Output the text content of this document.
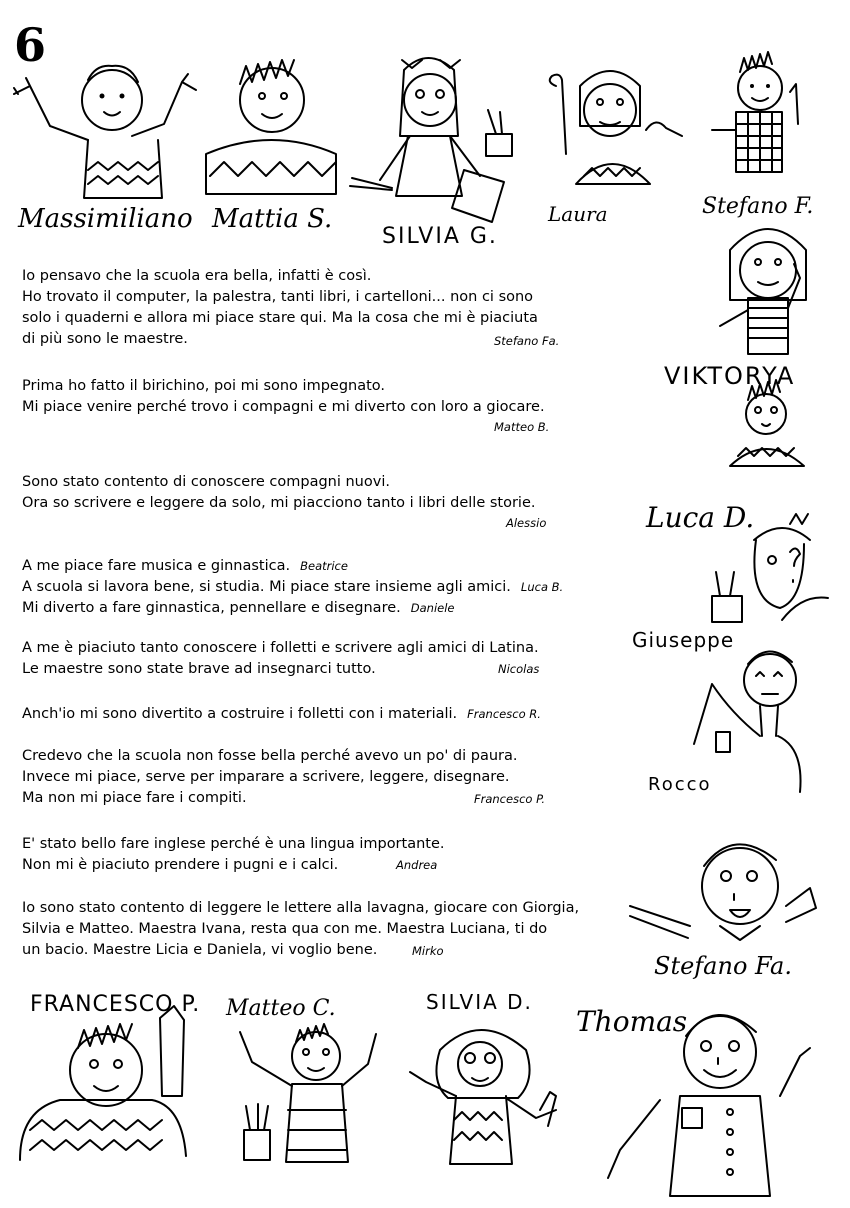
6
Massimiliano Mattia S.
SILVIA G.
Laura	Stefano F.
VIKTORYA
Luca D.
Giuseppe
Rocco
Stefano Fa.
FRANCESCO P. Matteo C.	SILVIA D.
Thomas
Io pensavo che la scuola era bella, infatti è così.
Ho trovato il computer, la palestra, tanti libri, i cartelloni... non ci sono
solo i quaderni e allora mi piace stare qui. Ma la cosa che mi è piaciuta
di più sono le maestre.	Stefano Fa.
Prima ho fatto il birichino, poi mi sono impegnato.
Mi piace venire perché trovo i compagni e mi diverto con loro a giocare.
Matteo B.
Sono stato contento di conoscere compagni nuovi.
Ora so scrivere e leggere da solo, mi piacciono tanto i libri delle storie.
Alessio
A me piace fare musica e ginnastica. Beatrice
A scuola si lavora bene, si studia. Mi piace stare insieme agli amici. Luca B.
Mi diverto a fare ginnastica, pennellare e disegnare. Daniele
A me è piaciuto tanto conoscere i folletti e scrivere agli amici di Latina.
Le maestre sono state brave ad insegnarci tutto.	Nicolas
Anch'io mi sono divertito a costruire i folletti con i materiali. Francesco R.
Credevo che la scuola non fosse bella perché avevo un po' di paura.
Invece mi piace, serve per imparare a scrivere, leggere, disegnare.
Ma non mi piace fare i compiti.	Francesco P.
E' stato bello fare inglese perché è una lingua importante.
Non mi è piaciuto prendere i pugni e i calci.	Andrea
Io sono stato contento di leggere le lettere alla lavagna, giocare con Giorgia,
Silvia e Matteo. Maestra Ivana, resta qua con me. Maestra Luciana, ti do
un bacio. Maestre Licia e Daniela, vi voglio bene.	Mirko
